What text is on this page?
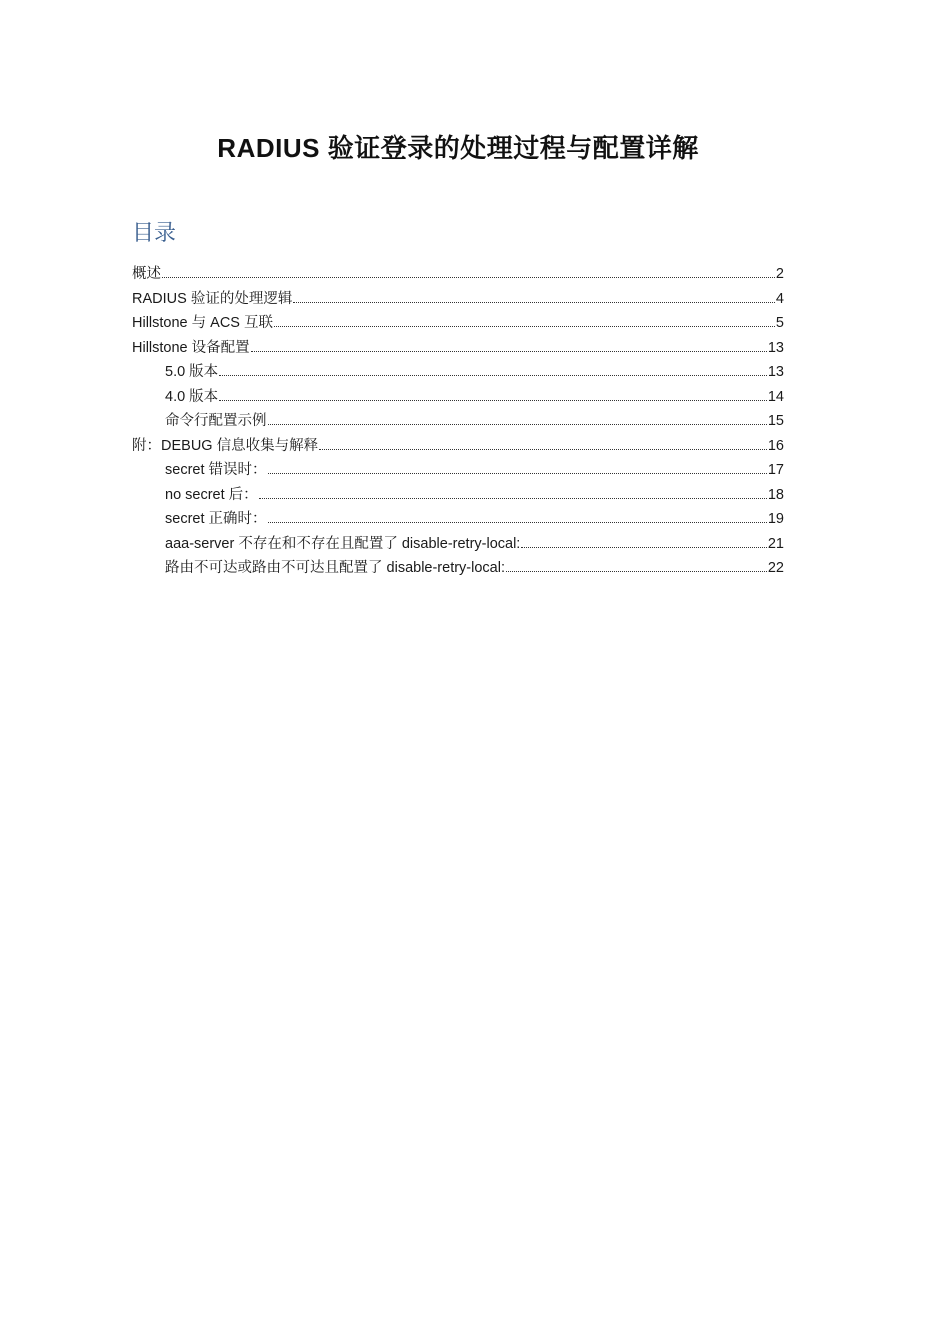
RADIUS 验证登录的处理过程与配置详解
目录
概述	2
RADIUS 验证的处理逻辑	4
Hillstone 与 ACS 互联	5
Hillstone 设备配置	13
5.0 版本	13
4.0 版本	14
命令行配置示例	15
附：DEBUG 信息收集与解释	16
secret 错误时：	17
no secret 后：	18
secret 正确时：	19
aaa-server 不存在和不存在且配置了 disable-retry-local:	21
路由不可达或路由不可达且配置了 disable-retry-local:	22
